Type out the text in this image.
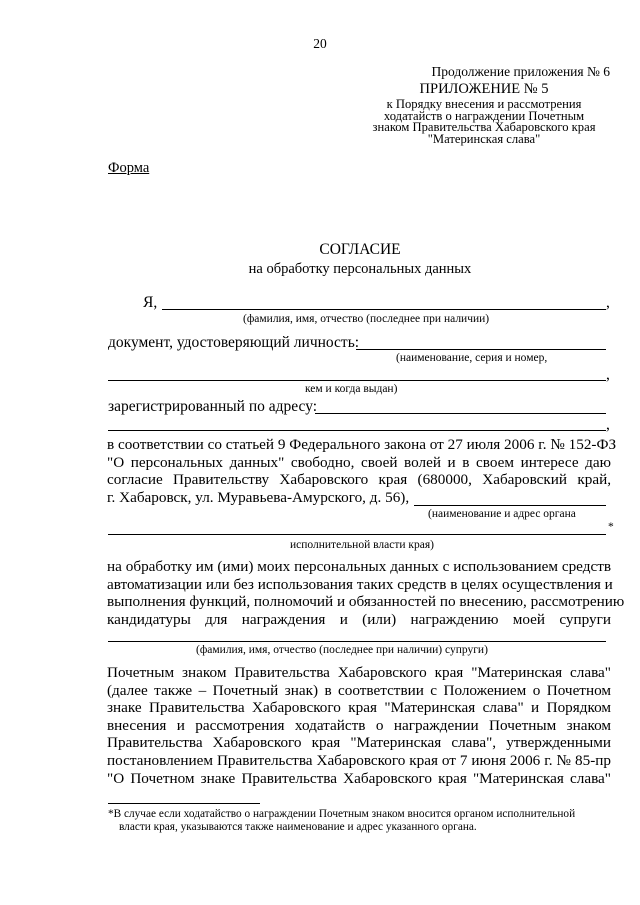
20
Продолжение приложения № 6
ПРИЛОЖЕНИЕ № 5
к Порядку внесения и рассмотрения
ходатайств о награждении Почетным
знаком Правительства Хабаровского края
"Материнская слава"
Форма
СОГЛАСИЕ
на обработку персональных данных
Я,	,
(фамилия, имя, отчество (последнее при наличии)
документ, удостоверяющий личность:
(наименование, серия и номер,
,
кем и когда выдан)
зарегистрированный по адресу:
,
в соответствии со статьей 9 Федерального закона от 27 июля 2006 г. № 152-ФЗ
"О персональных данных" свободно, своей волей и в своем интересе даю
согласие Правительству Хабаровского края (680000, Хабаровский край,
г. Хабаровск, ул. Муравьева-Амурского, д. 56),
(наименование и адрес органа
*
исполнительной власти края)
на обработку им (ими) моих персональных данных с использованием средств
автоматизации или без использования таких средств в целях осуществления и
выполнения функций, полномочий и обязанностей по внесению, рассмотрению
кандидатуры для награждения и (или) награждению моей супруги
(фамилия, имя, отчество (последнее при наличии) супруги)
Почетным знаком Правительства Хабаровского края "Материнская слава"
(далее также – Почетный знак) в соответствии с Положением о Почетном
знаке Правительства Хабаровского края "Материнская слава" и Порядком
внесения и рассмотрения ходатайств о награждении Почетным знаком
Правительства Хабаровского края "Материнская слава", утвержденными
постановлением Правительства Хабаровского края от 7 июня 2006 г. № 85-пр
"О Почетном знаке Правительства Хабаровского края "Материнская слава"
*В случае если ходатайство о награждении Почетным знаком вносится органом исполнительной
власти края, указываются также наименование и адрес указанного органа.
